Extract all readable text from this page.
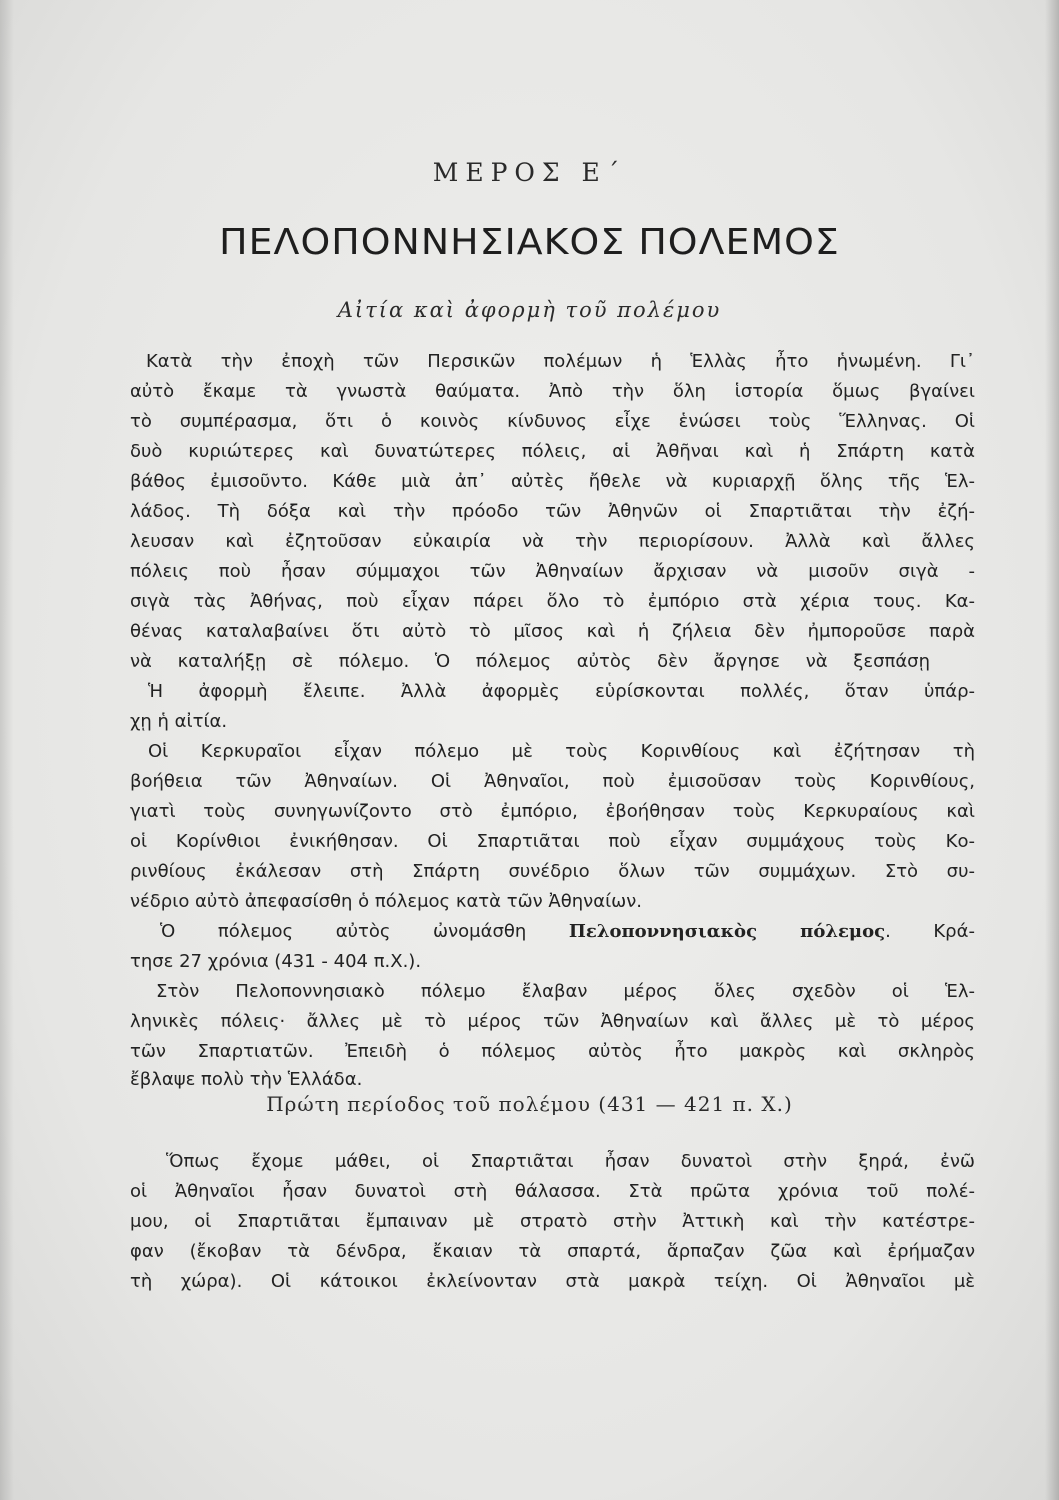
ΜΕΡΟΣ Ε΄
ΠΕΛΟΠΟΝΝΗΣΙΑΚΟΣ ΠΟΛΕΜΟΣ
Αἰτία καὶ ἀφορμὴ τοῦ πολέμου
Κατὰ τὴν ἐποχὴ τῶν Περσικῶν πολέμων ἡ Ἑλλὰς ἦτο ἡνωμένη. Γι᾿
αὐτὸ ἔκαμε τὰ γνωστὰ θαύματα. Ἀπὸ τὴν ὅλη ἱστορία ὅμως βγαίνει
τὸ συμπέρασμα, ὅτι ὁ κοινὸς κίνδυνος εἶχε ἑνώσει τοὺς Ἕλληνας. Οἱ
δυὸ κυριώτερες καὶ δυνατώτερες πόλεις, αἱ Ἀθῆναι καὶ ἡ Σπάρτη κατὰ
βάθος ἐμισοῦντο. Κάθε μιὰ ἀπ᾿ αὐτὲς ἤθελε νὰ κυριαρχῇ ὅλης τῆς Ἑλ-
λάδος. Τὴ δόξα καὶ τὴν πρόοδο τῶν Ἀθηνῶν οἱ Σπαρτιᾶται τὴν ἐζή-
λευσαν καὶ ἐζητοῦσαν εὐκαιρία νὰ τὴν περιορίσουν. Ἀλλὰ καὶ ἄλλες
πόλεις ποὺ ἦσαν σύμμαχοι τῶν Ἀθηναίων ἄρχισαν νὰ μισοῦν σιγὰ -
σιγὰ τὰς Ἀθήνας, ποὺ εἶχαν πάρει ὅλο τὸ ἐμπόριο στὰ χέρια τους. Κα-
θένας καταλαβαίνει ὅτι αὐτὸ τὸ μῖσος καὶ ἡ ζήλεια δὲν ἠμποροῦσε παρὰ
νὰ καταλήξῃ σὲ πόλεμο. Ὁ πόλεμος αὐτὸς δὲν ἄργησε νὰ ξεσπάσῃ
Ἡ ἀφορμὴ ἔλειπε. Ἀλλὰ ἀφορμὲς εὑρίσκονται πολλές, ὅταν ὑπάρ-
χῃ ἡ αἰτία.
Οἱ Κερκυραῖοι εἶχαν πόλεμο μὲ τοὺς Κορινθίους καὶ ἐζήτησαν τὴ
βοήθεια τῶν Ἀθηναίων. Οἱ Ἀθηναῖοι, ποὺ ἐμισοῦσαν τοὺς Κορινθίους,
γιατὶ τοὺς συνηγωνίζοντο στὸ ἐμπόριο, ἐβοήθησαν τοὺς Κερκυραίους καὶ
οἱ Κορίνθιοι ἐνικήθησαν. Οἱ Σπαρτιᾶται ποὺ εἶχαν συμμάχους τοὺς Κο-
ρινθίους ἐκάλεσαν στὴ Σπάρτη συνέδριο ὅλων τῶν συμμάχων. Στὸ συ-
νέδριο αὐτὸ ἀπεφασίσθη ὁ πόλεμος κατὰ τῶν Ἀθηναίων.
Ὁ πόλεμος αὐτὸς ὠνομάσθη Πελοποννησιακὸς πόλεμος. Κρά-
τησε 27 χρόνια (431 - 404 π.Χ.).
Στὸν Πελοποννησιακὸ πόλεμο ἔλαβαν μέρος ὅλες σχεδὸν οἱ Ἑλ-
ληνικὲς πόλεις· ἄλλες μὲ τὸ μέρος τῶν Ἀθηναίων καὶ ἄλλες μὲ τὸ μέρος
τῶν Σπαρτιατῶν. Ἐπειδὴ ὁ πόλεμος αὐτὸς ἦτο μακρὸς καὶ σκληρὸς
ἔβλαψε πολὺ τὴν Ἑλλάδα.
Πρώτη περίοδος τοῦ πολέμου (431 — 421 π. Χ.)
Ὅπως ἔχομε μάθει, οἱ Σπαρτιᾶται ἦσαν δυνατοὶ στὴν ξηρά, ἐνῶ
οἱ Ἀθηναῖοι ἦσαν δυνατοὶ στὴ θάλασσα. Στὰ πρῶτα χρόνια τοῦ πολέ-
μου, οἱ Σπαρτιᾶται ἔμπαιναν μὲ στρατὸ στὴν Ἀττικὴ καὶ τὴν κατέστρε-
φαν (ἔκοβαν τὰ δένδρα, ἔκαιαν τὰ σπαρτά, ἅρπαζαν ζῶα καὶ ἐρήμαζαν
τὴ χώρα). Οἱ κάτοικοι ἐκλείνονταν στὰ μακρὰ τείχη. Οἱ Ἀθηναῖοι μὲ
